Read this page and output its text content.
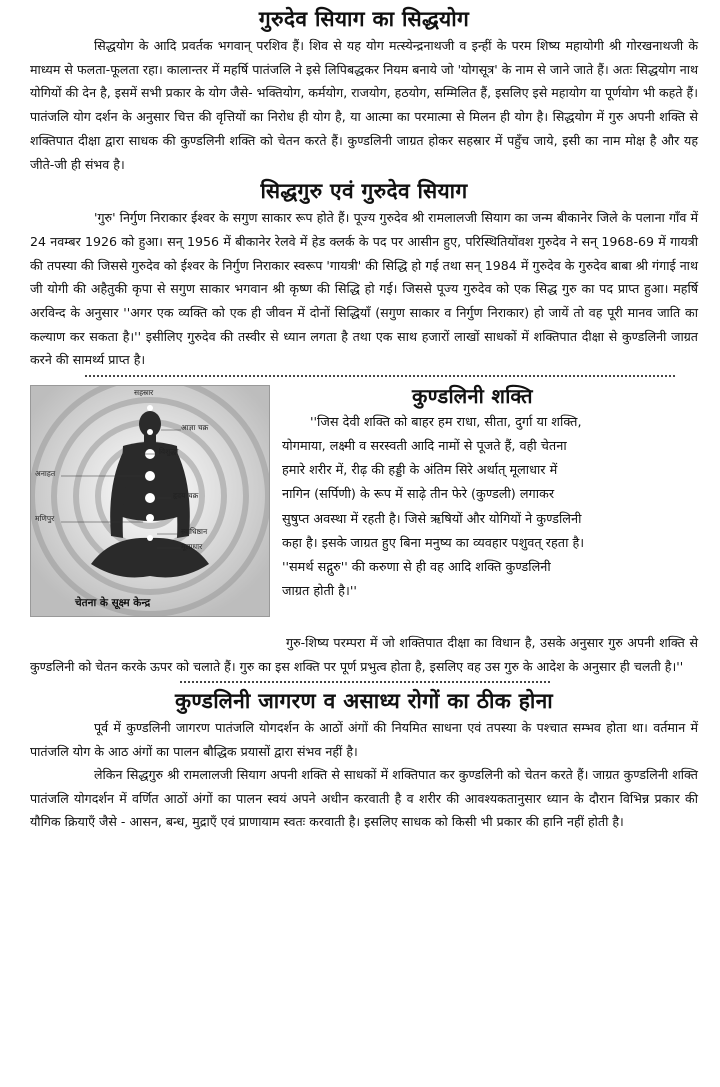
गुरुदेव सियाग का सिद्धयोग

सिद्धयोग के आदि प्रवर्तक भगवान् परशिव हैं। शिव से यह योग मत्स्येन्द्रनाथजी व इन्हीं के परम शिष्य महायोगी श्री गोरखनाथजी के माध्यम से फलता-फूलता रहा। कालान्तर में महर्षि पातंजलि ने इसे लिपिबद्धकर नियम बनाये जो 'योगसूत्र' के नाम से जाने जाते हैं। अतः सिद्धयोग नाथ योगियों की देन है, इसमें सभी प्रकार के योग जैसे- भक्तियोग, कर्मयोग, राजयोग, हठयोग, सम्मिलित हैं, इसलिए इसे महायोग या पूर्णयोग भी कहते हैं। पातंजलि योग दर्शन के अनुसार चित्त की वृत्तियों का निरोध ही योग है, या आत्मा का परमात्मा से मिलन ही योग है। सिद्धयोग में गुरु अपनी शक्ति से शक्तिपात दीक्षा द्वारा साधक की कुण्डलिनी शक्ति को चेतन करते हैं। कुण्डलिनी जाग्रत होकर सहस्रार में पहुँच जाये, इसी का नाम मोक्ष है और यह जीते-जी ही संभव है।

सिद्धगुरु एवं गुरुदेव सियाग

'गुरु' निर्गुण निराकार ईश्वर के सगुण साकार रूप होते हैं। पूज्य गुरुदेव श्री रामलालजी सियाग का जन्म बीकानेर जिले के पलाना गाँव में 24 नवम्बर 1926 को हुआ। सन् 1956 में बीकानेर रेलवे में हेड क्लर्क के पद पर आसीन हुए, परिस्थितियोंवश गुरुदेव ने सन् 1968-69 में गायत्री की तपस्या की जिससे गुरुदेव को ईश्वर के निर्गुण निराकार स्वरूप 'गायत्री' की सिद्धि हो गई तथा सन् 1984 में गुरुदेव के गुरुदेव बाबा श्री गंगाई नाथ जी योगी की अहैतुकी कृपा से सगुण साकार भगवान श्री कृष्ण की सिद्धि हो गई। जिससे पूज्य गुरुदेव को एक सिद्ध गुरु का पद प्राप्त हुआ। महर्षि अरविन्द के अनुसार ''अगर एक व्यक्ति को एक ही जीवन में दोनों सिद्धियाँ (सगुण साकार व निर्गुण निराकार) हो जायें तो वह पूरी मानव जाति का कल्याण कर सकता है।'' इसीलिए गुरुदेव की तस्वीर से ध्यान लगता है तथा एक साथ हजारों लाखों साधकों में शक्तिपात दीक्षा से कुण्डलिनी जाग्रत करने की सामर्थ्य प्राप्त है।

सहस्रार
आज्ञा चक्र
विशुद्धा
अनाहत
हृदय चक्र
मणिपुर
स्वाधिष्ठान
मूलाधार
चेतना के सूक्ष्म केन्द्र
कुण्डलिनी शक्ति

''जिस देवी शक्ति को बाहर हम राधा, सीता, दुर्गा या शक्ति,
योगमाया, लक्ष्मी व सरस्वती आदि नामों से पूजते हैं, वही चेतना
हमारे शरीर में, रीढ़ की हड्डी के अंतिम सिरे अर्थात् मूलाधार में
नागिन (सर्पिणी) के रूप में साढ़े तीन फेरे (कुण्डली) लगाकर
सुषुप्त अवस्था में रहती है। जिसे ऋषियों और योगियों ने कुण्डलिनी
कहा है। इसके जाग्रत हुए बिना मनुष्य का व्यवहार पशुवत् रहता है।
''समर्थ सद्गुरु'' की करुणा से ही वह आदि शक्ति कुण्डलिनी
जाग्रत होती है।''

गुरु-शिष्य परम्परा में जो शक्तिपात दीक्षा का विधान है, उसके अनुसार गुरु अपनी शक्ति से कुण्डलिनी को चेतन करके ऊपर को चलाते हैं। गुरु का इस शक्ति पर पूर्ण प्रभुत्व होता है, इसलिए वह उस गुरु के आदेश के अनुसार ही चलती है।''

कुण्डलिनी जागरण व असाध्य रोगों का ठीक होना

पूर्व में कुण्डलिनी जागरण पातंजलि योगदर्शन के आठों अंगों की नियमित साधना एवं तपस्या के पश्चात सम्भव होता था। वर्तमान में पातंजलि योग के आठ अंगों का पालन बौद्धिक प्रयासों द्वारा संभव नहीं है।

लेकिन सिद्धगुरु श्री रामलालजी सियाग अपनी शक्ति से साधकों में शक्तिपात कर कुण्डलिनी को चेतन करते हैं। जाग्रत कुण्डलिनी शक्ति पातंजलि योगदर्शन में वर्णित आठों अंगों का पालन स्वयं अपने अधीन करवाती है व शरीर की आवश्यकतानुसार ध्यान के दौरान विभिन्न प्रकार की यौगिक क्रियाएँ जैसे - आसन, बन्ध, मुद्राएँ एवं प्राणायाम स्वतः करवाती है। इसलिए साधक को किसी भी प्रकार की हानि नहीं होती है।
